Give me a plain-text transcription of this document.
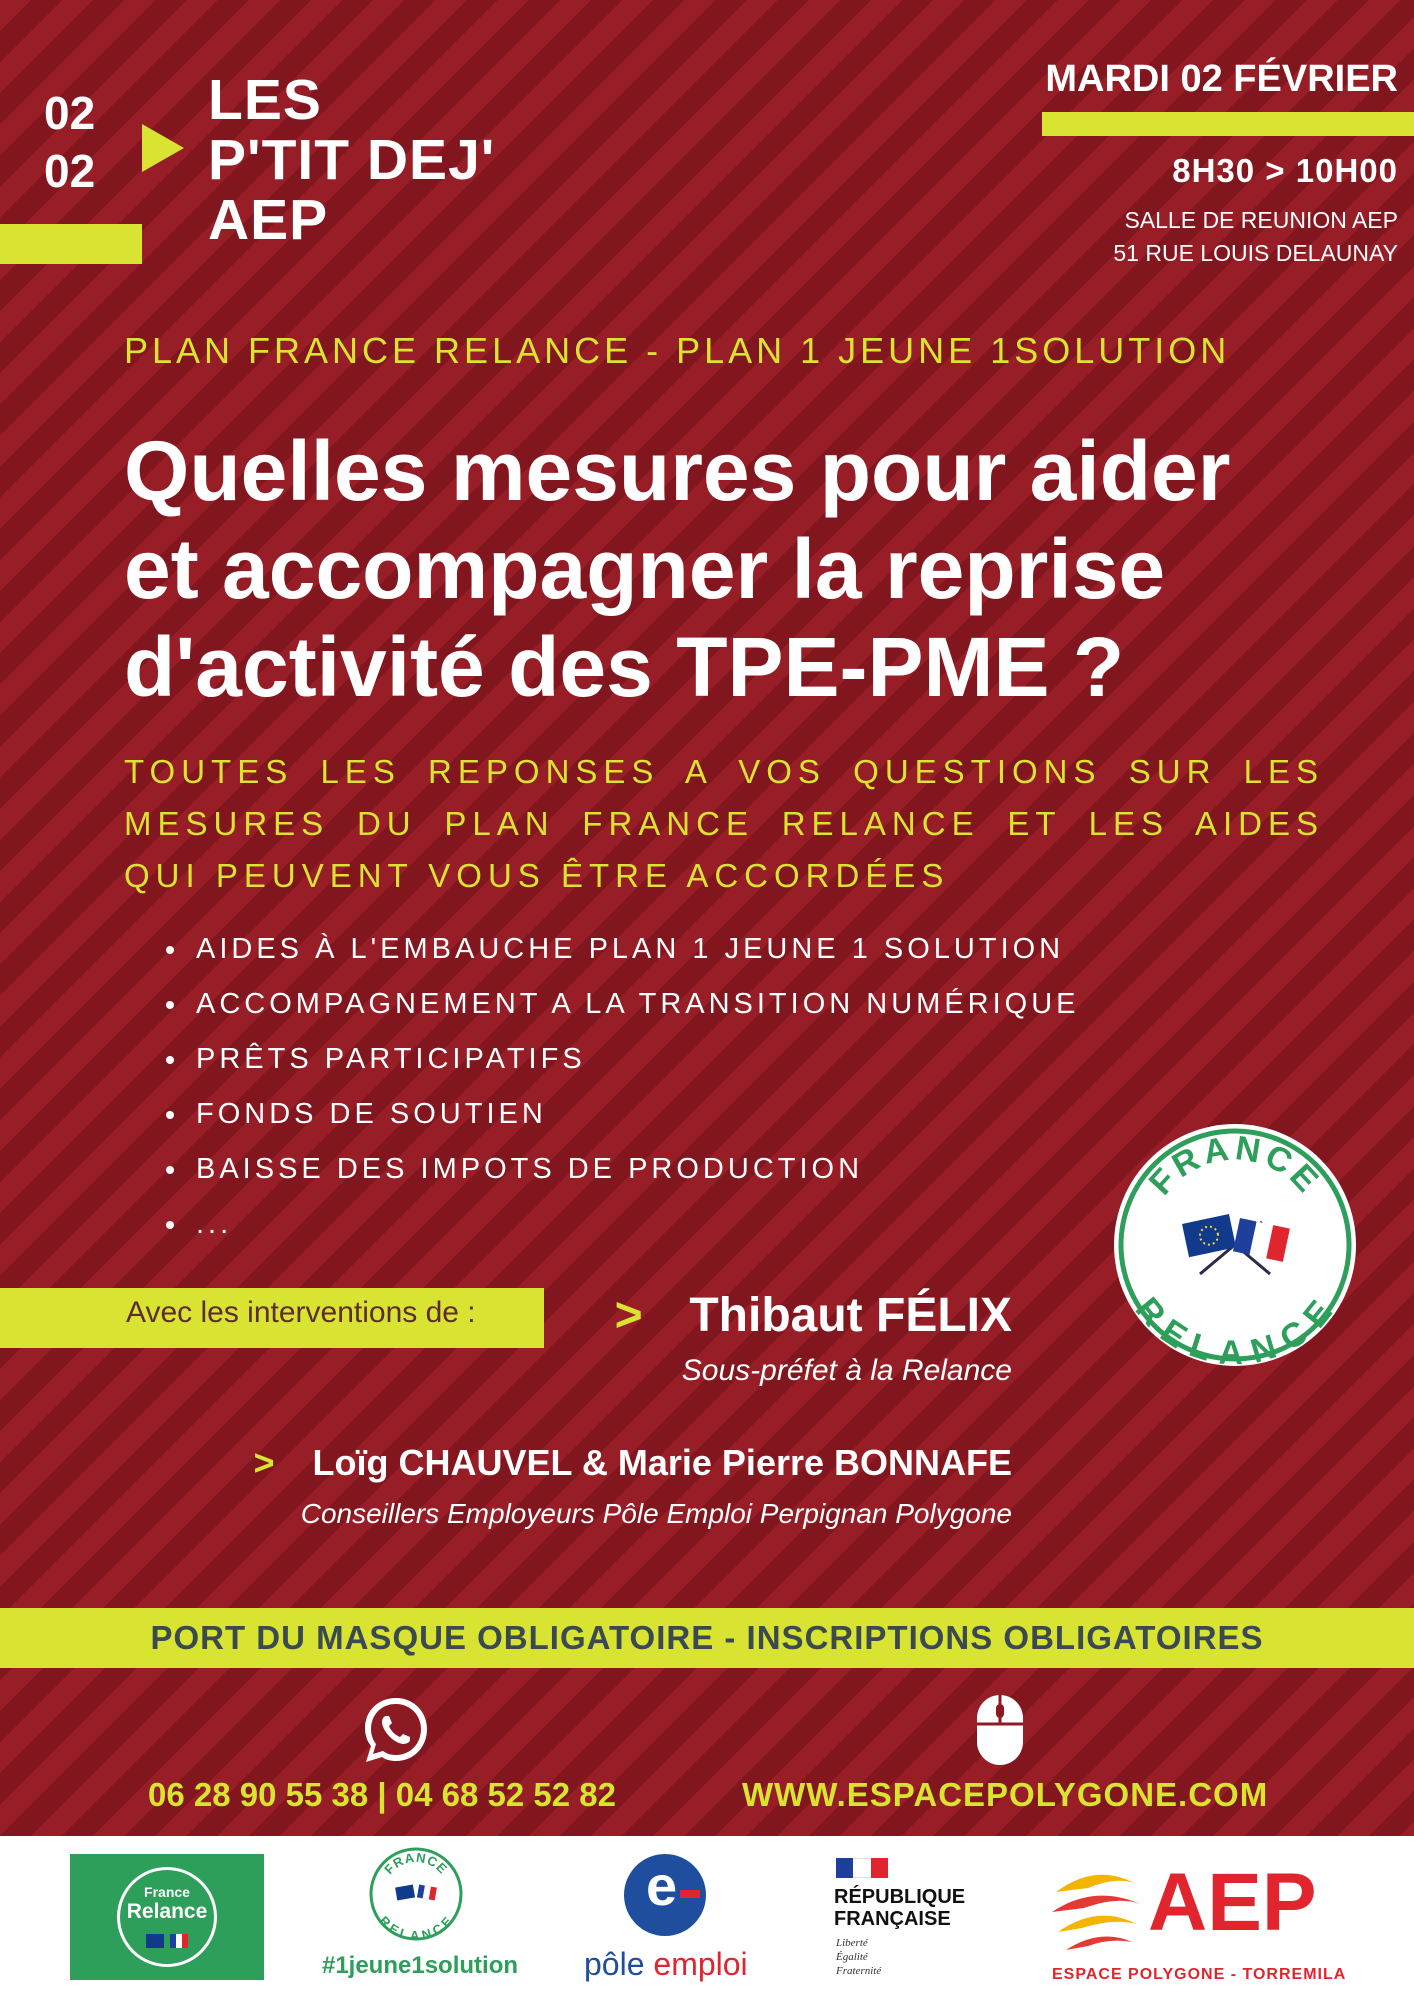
02
02
LES
P'TIT DEJ'
AEP
MARDI 02 FÉVRIER
8H30 > 10H00
SALLE DE REUNION AEP
51 RUE LOUIS DELAUNAY
PLAN FRANCE RELANCE - PLAN 1 JEUNE 1SOLUTION
Quelles mesures pour aider
et accompagner la reprise
d'activité des TPE-PME ?
TOUTES LES REPONSES A VOS QUESTIONS SUR LES MESURES DU PLAN FRANCE RELANCE ET LES AIDES QUI PEUVENT VOUS ÊTRE ACCORDÉES
AIDES À L'EMBAUCHE PLAN 1 JEUNE 1 SOLUTION
ACCOMPAGNEMENT A LA TRANSITION NUMÉRIQUE
PRÊTS PARTICIPATIFS
FONDS DE SOUTIEN
BAISSE DES IMPOTS DE PRODUCTION
...
FRANCE
RELANCE
Avec les interventions de :	> Thibaut FÉLIX
Sous-préfet à la Relance
> Loïg CHAUVEL & Marie Pierre BONNAFE
Conseillers Employeurs Pôle Emploi Perpignan Polygone
PORT DU MASQUE OBLIGATOIRE - INSCRIPTIONS OBLIGATOIRES
06 28 90 55 38 | 04 68 52 52 82	WWW.ESPACEPOLYGONE.COM
France
Relance
FRANCE
RELANCE
#1jeune1solution
e
pôle emploi
RÉPUBLIQUE
FRANÇAISE
Liberté
Égalité
Fraternité
AEP
ESPACE POLYGONE - TORREMILA
